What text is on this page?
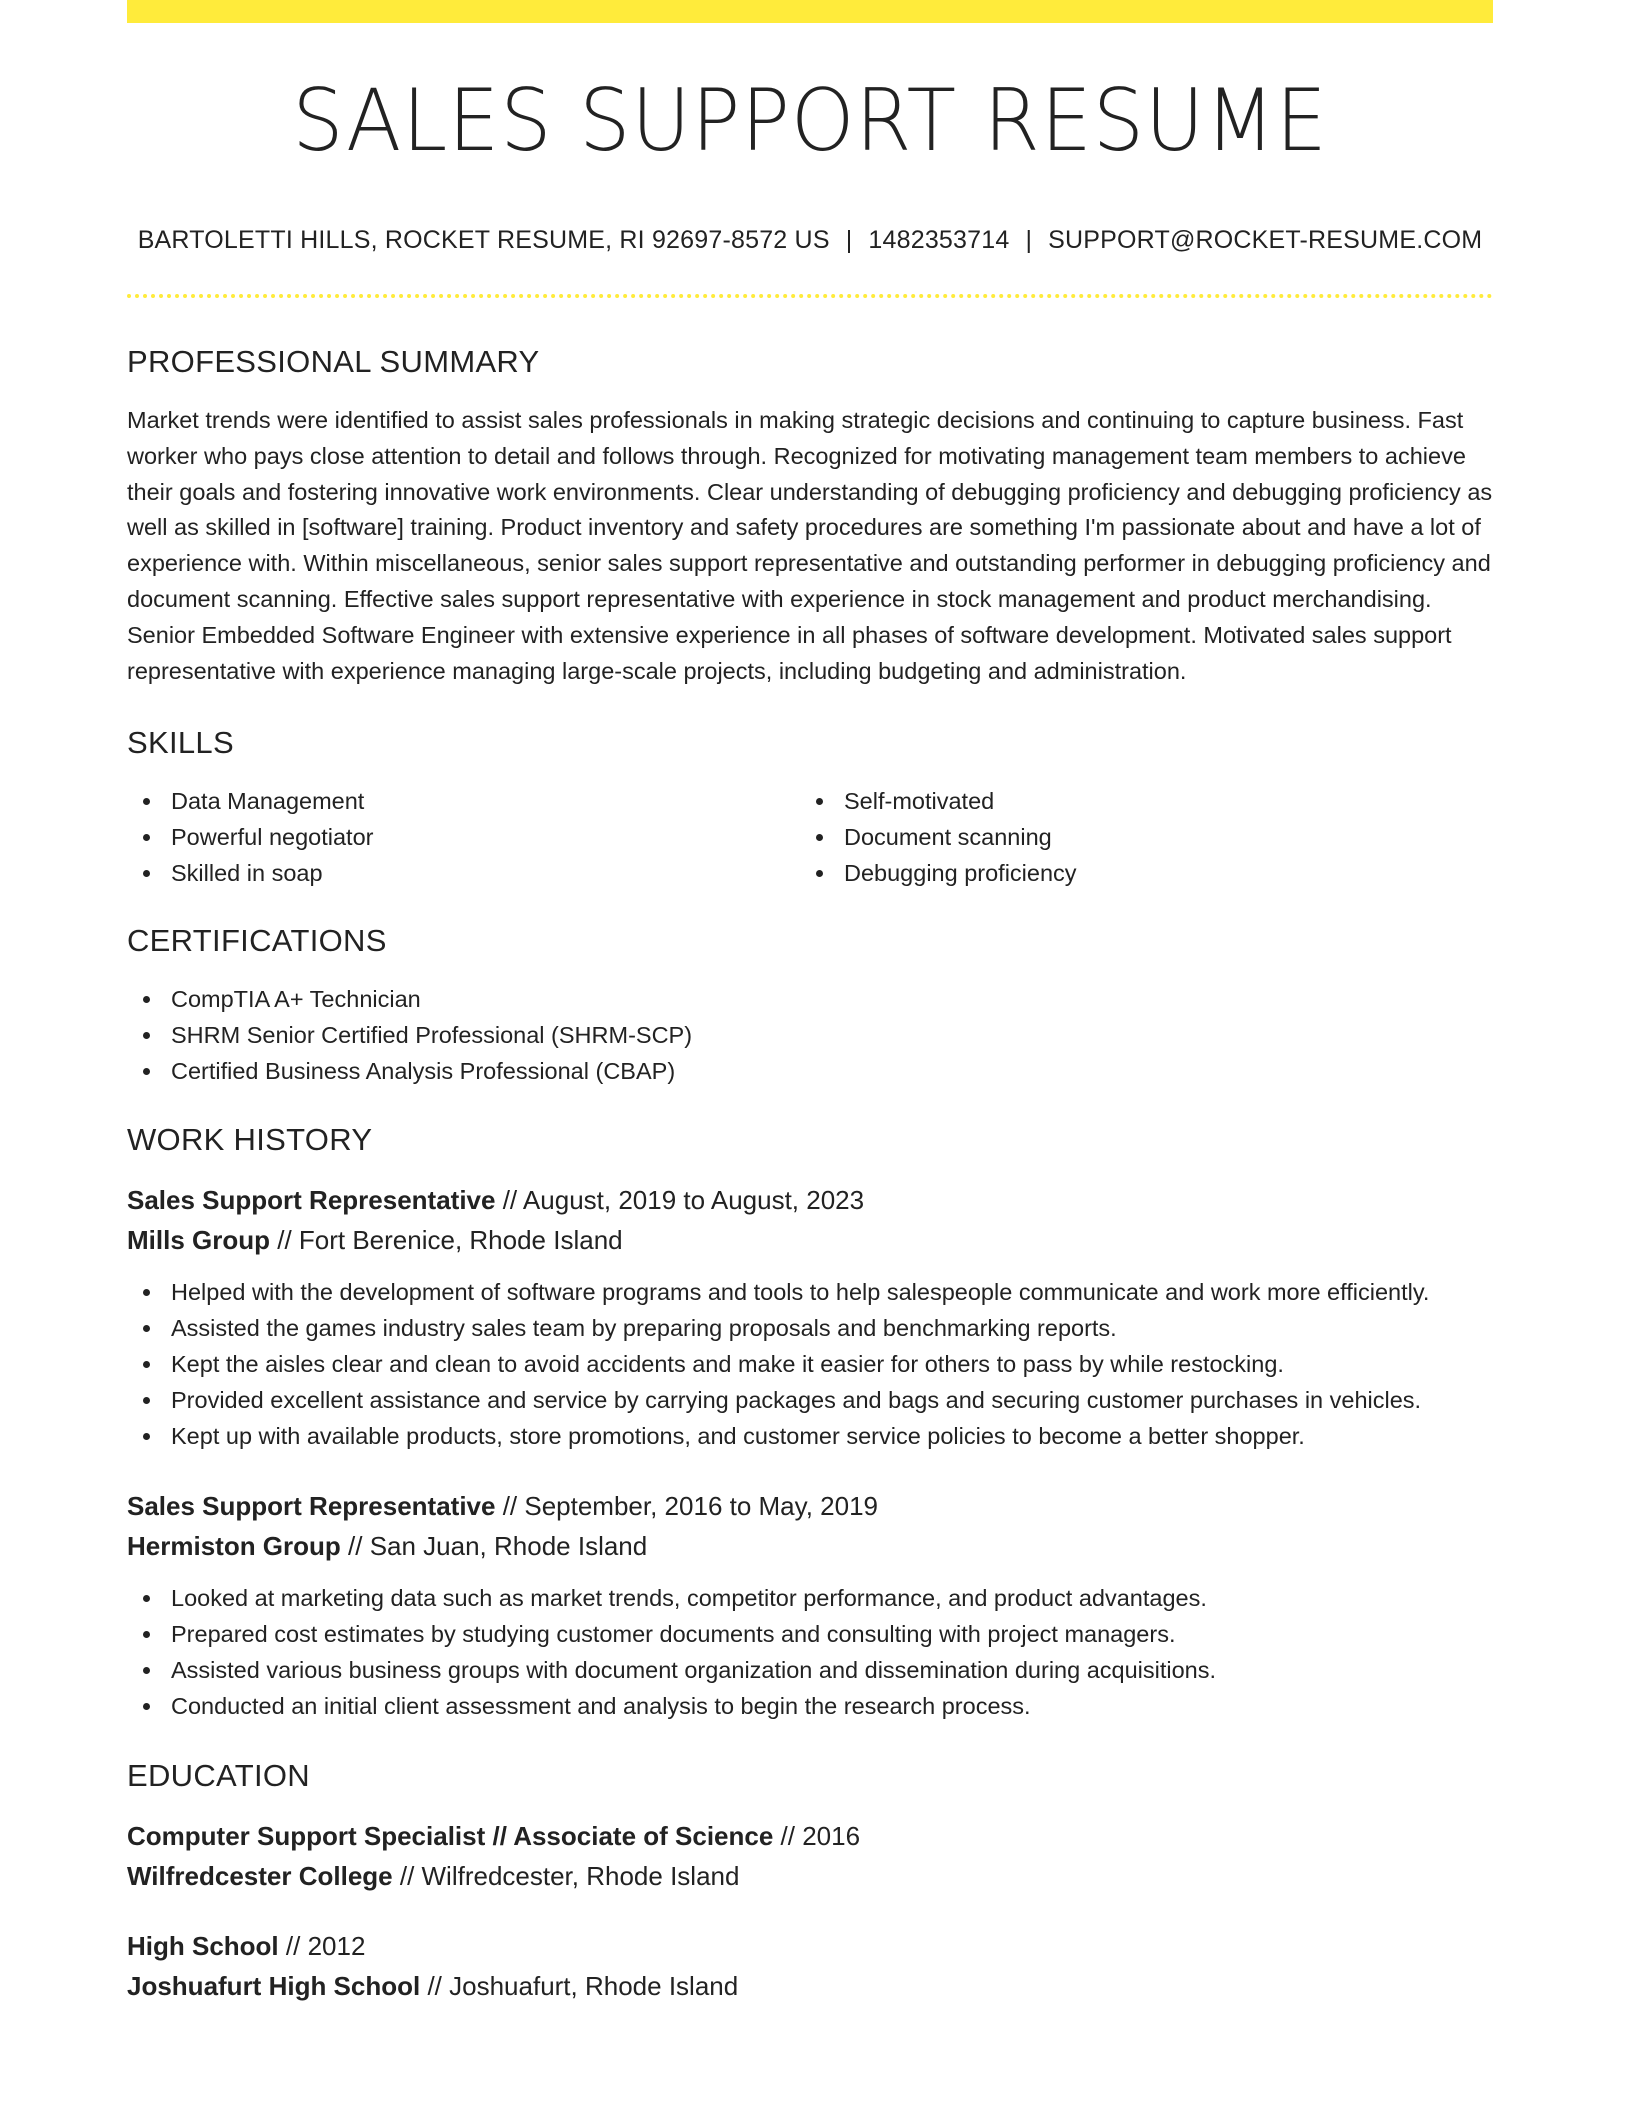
SALES SUPPORT RESUME
BARTOLETTI HILLS, ROCKET RESUME, RI 92697-8572 US | 1482353714 | SUPPORT@ROCKET-RESUME.COM
PROFESSIONAL SUMMARY

Market trends were identified to assist sales professionals in making strategic decisions and continuing to capture business. Fast worker who pays close attention to detail and follows through. Recognized for motivating management team members to achieve their goals and fostering innovative work environments. Clear understanding of debugging proficiency and debugging proficiency as well as skilled in [software] training. Product inventory and safety procedures are something I'm passionate about and have a lot of experience with. Within miscellaneous, senior sales support representative and outstanding performer in debugging proficiency and document scanning. Effective sales support representative with experience in stock management and product merchandising. Senior Embedded Software Engineer with extensive experience in all phases of software development. Motivated sales support representative with experience managing large-scale projects, including budgeting and administration.

SKILLS
Data Management
Powerful negotiator
Skilled in soap
Self-motivated
Document scanning
Debugging proficiency
CERTIFICATIONS
CompTIA A+ Technician
SHRM Senior Certified Professional (SHRM-SCP)
Certified Business Analysis Professional (CBAP)
WORK HISTORY
Sales Support Representative // August, 2019 to August, 2023
Mills Group // Fort Berenice, Rhode Island
Helped with the development of software programs and tools to help salespeople communicate and work more efficiently.
Assisted the games industry sales team by preparing proposals and benchmarking reports.
Kept the aisles clear and clean to avoid accidents and make it easier for others to pass by while restocking.
Provided excellent assistance and service by carrying packages and bags and securing customer purchases in vehicles.
Kept up with available products, store promotions, and customer service policies to become a better shopper.
Sales Support Representative // September, 2016 to May, 2019
Hermiston Group // San Juan, Rhode Island
Looked at marketing data such as market trends, competitor performance, and product advantages.
Prepared cost estimates by studying customer documents and consulting with project managers.
Assisted various business groups with document organization and dissemination during acquisitions.
Conducted an initial client assessment and analysis to begin the research process.
EDUCATION
Computer Support Specialist // Associate of Science // 2016
Wilfredcester College // Wilfredcester, Rhode Island
High School // 2012
Joshuafurt High School // Joshuafurt, Rhode Island
